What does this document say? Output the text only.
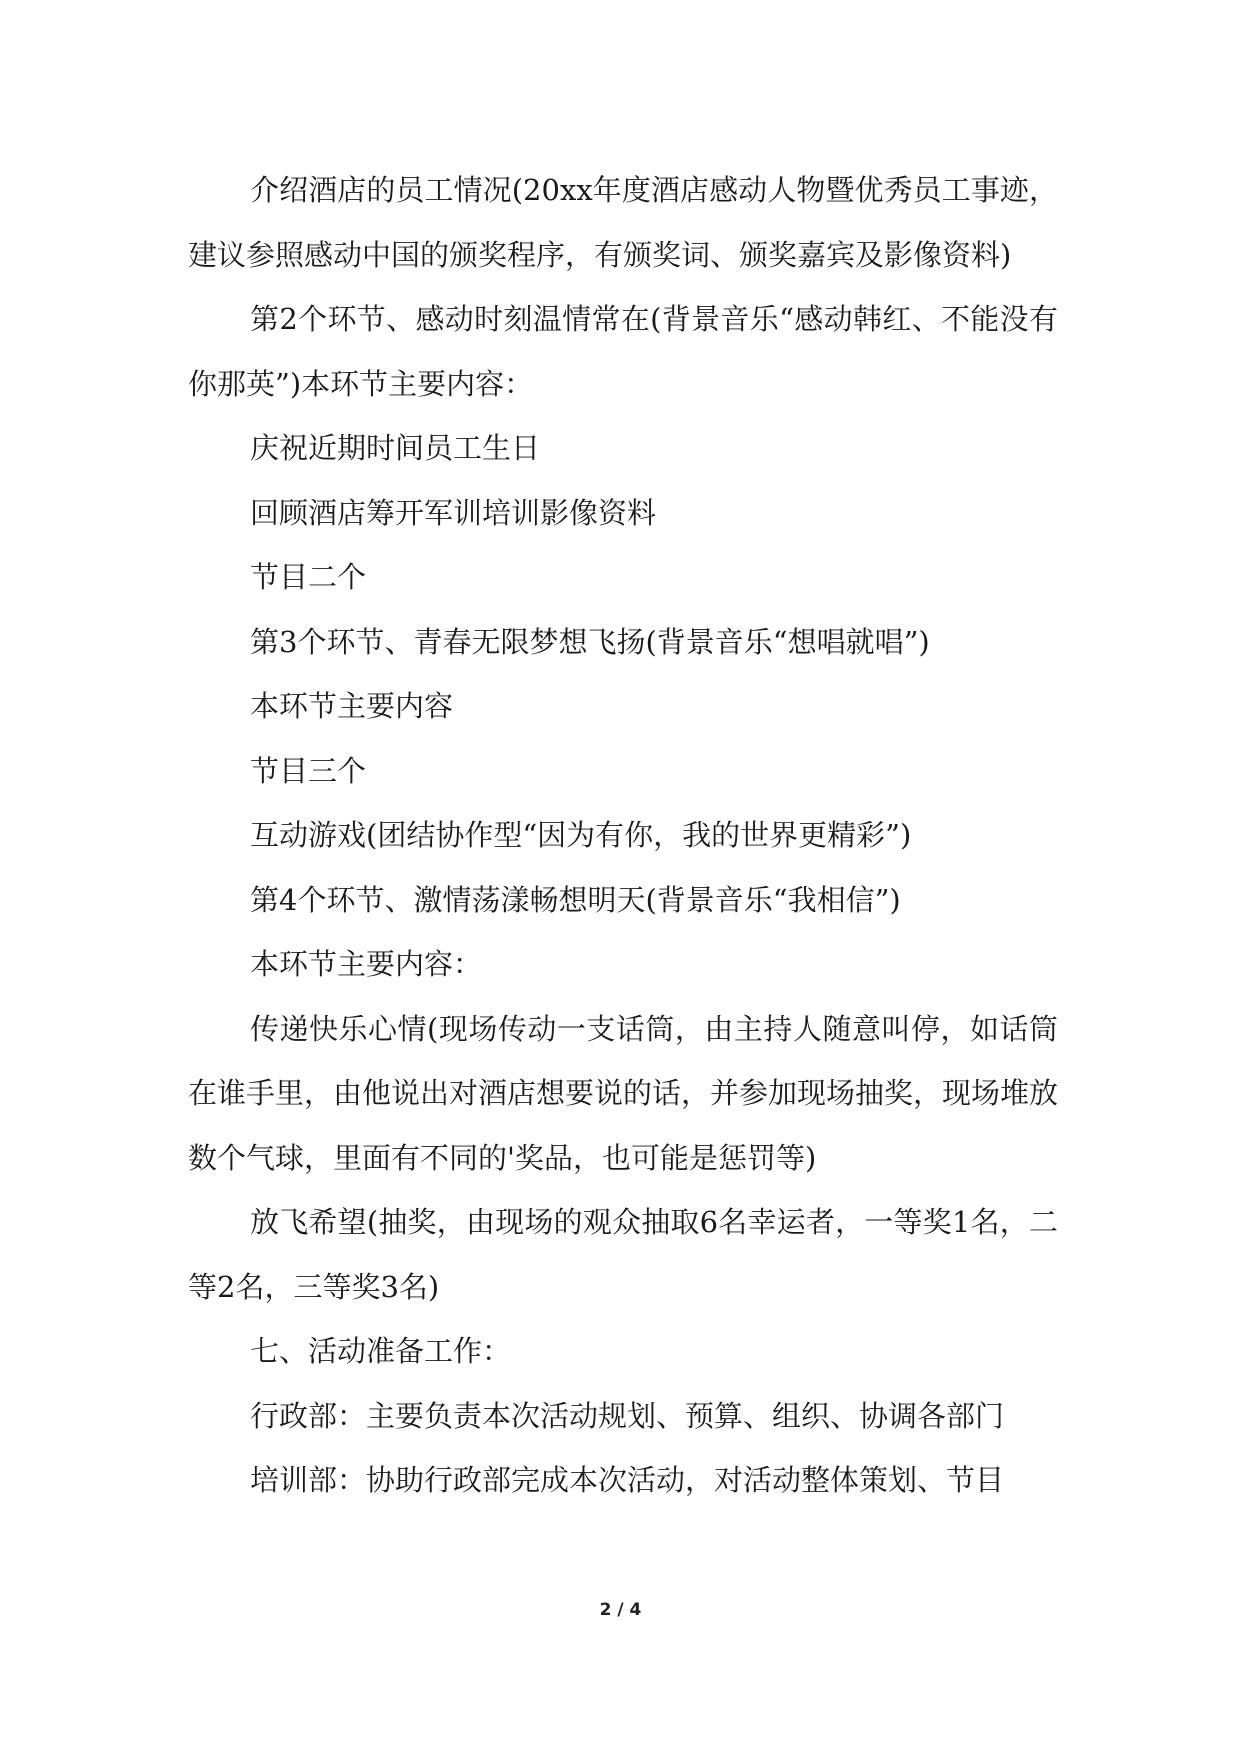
介绍酒店的员工情况(20xx年度酒店感动人物暨优秀员工事迹，建议参照感动中国的颁奖程序，有颁奖词、颁奖嘉宾及影像资料)

第2个环节、感动时刻温情常在(背景音乐“感动韩红、不能没有你那英”)本环节主要内容：

庆祝近期时间员工生日

回顾酒店筹开军训培训影像资料

节目二个

第3个环节、青春无限梦想飞扬(背景音乐“想唱就唱”)

本环节主要内容

节目三个

互动游戏(团结协作型“因为有你，我的世界更精彩”)

第4个环节、激情荡漾畅想明天(背景音乐“我相信”)

本环节主要内容：

传递快乐心情(现场传动一支话筒，由主持人随意叫停，如话筒在谁手里，由他说出对酒店想要说的话，并参加现场抽奖，现场堆放数个气球，里面有不同的'奖品，也可能是惩罚等)

放飞希望(抽奖，由现场的观众抽取6名幸运者，一等奖1名，二等2名，三等奖3名)

七、活动准备工作：

行政部：主要负责本次活动规划、预算、组织、协调各部门

培训部：协助行政部完成本次活动，对活动整体策划、节目

2 / 4
